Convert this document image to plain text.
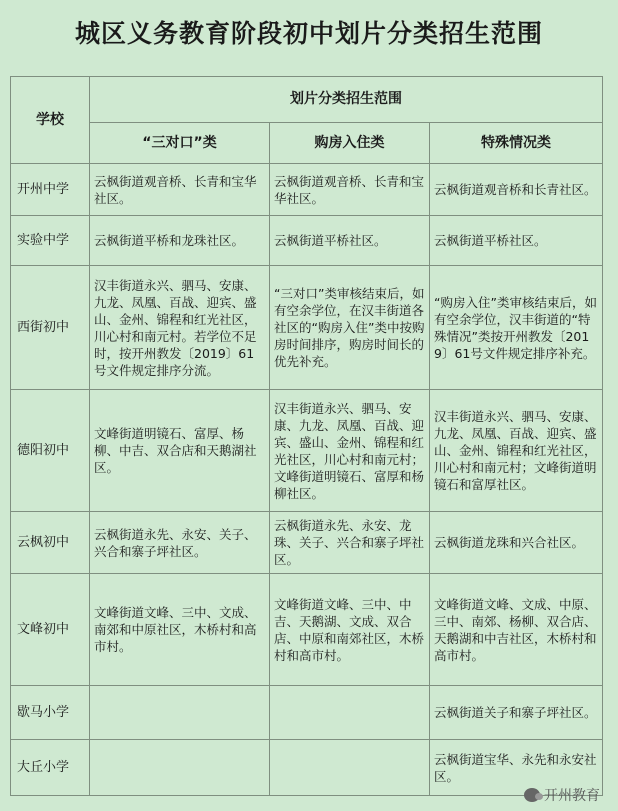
城区义务教育阶段初中划片分类招生范围
学校	划片分类招生范围		
	“三对口”类	购房入住类	特殊情况类
开州中学	云枫街道观音桥、长青和宝华社区。	云枫街道观音桥、长青和宝华社区。	云枫街道观音桥和长青社区。
实验中学	云枫街道平桥和龙珠社区。	云枫街道平桥社区。	云枫街道平桥社区。
西街初中	汉丰街道永兴、驷马、安康、九龙、凤凰、百战、迎宾、盛山、金州、锦程和红光社区，川心村和南元村。若学位不足时，按开州教发〔2019〕61号文件规定排序分流。	“三对口”类审核结束后，如有空余学位，在汉丰街道各社区的“购房入住”类中按购房时间排序，购房时间长的优先补充。	“购房入住”类审核结束后，如有空余学位，汉丰街道的“特殊情况”类按开州教发〔2019〕61号文件规定排序补充。
德阳初中	文峰街道明镜石、富厚、杨柳、中吉、双合店和天鹅湖社区。	汉丰街道永兴、驷马、安康、九龙、凤凰、百战、迎宾、盛山、金州、锦程和红光社区，川心村和南元村；文峰街道明镜石、富厚和杨柳社区。	汉丰街道永兴、驷马、安康、九龙、凤凰、百战、迎宾、盛山、金州、锦程和红光社区，川心村和南元村；文峰街道明镜石和富厚社区。
云枫初中	云枫街道永先、永安、关子、兴合和寨子坪社区。	云枫街道永先、永安、龙珠、关子、兴合和寨子坪社区。	云枫街道龙珠和兴合社区。
文峰初中	文峰街道文峰、三中、文成、南郊和中原社区，木桥村和高市村。	文峰街道文峰、三中、中吉、天鹅湖、文成、双合店、中原和南郊社区，木桥村和高市村。	文峰街道文峰、文成、中原、三中、南郊、杨柳、双合店、天鹅湖和中吉社区，木桥村和高市村。
歇马小学			云枫街道关子和寨子坪社区。
大丘小学			云枫街道宝华、永先和永安社区。
开州教育
